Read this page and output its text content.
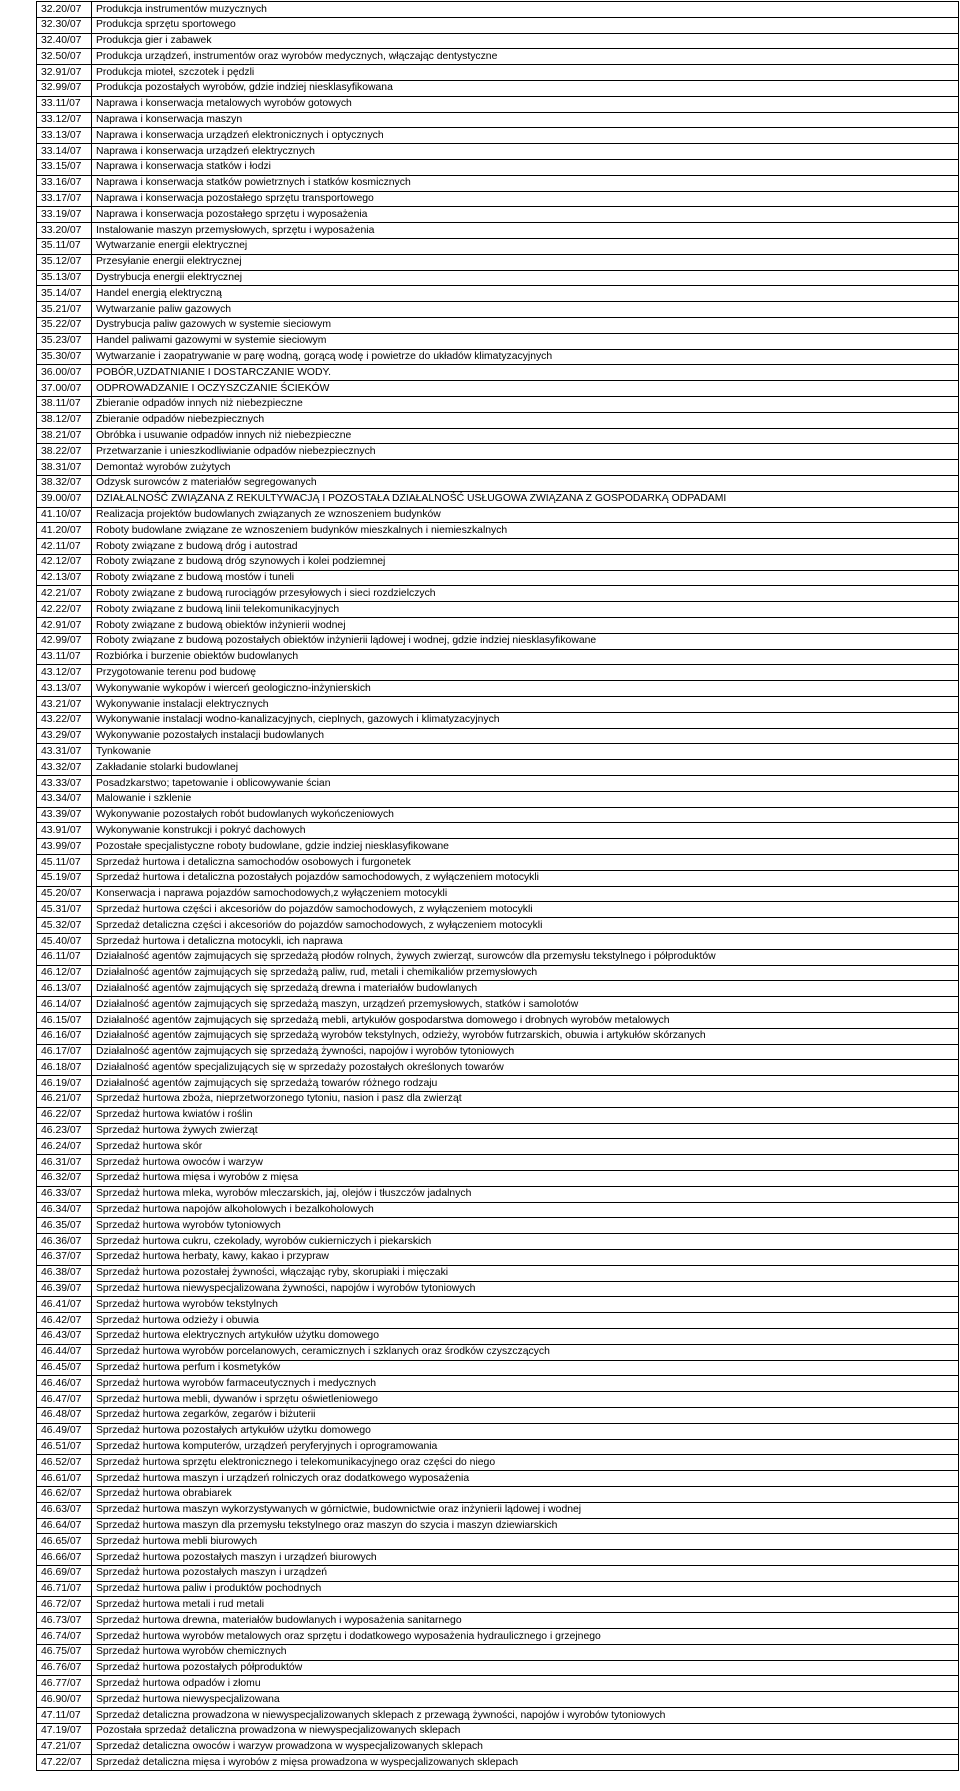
32.20/07	Produkcja instrumentów muzycznych
32.30/07	Produkcja sprzętu sportowego
32.40/07	Produkcja gier i zabawek
32.50/07	Produkcja urządzeń, instrumentów oraz wyrobów medycznych, włączając dentystyczne
32.91/07	Produkcja mioteł, szczotek i pędzli
32.99/07	Produkcja pozostałych wyrobów, gdzie indziej niesklasyfikowana
33.11/07	Naprawa i konserwacja metalowych wyrobów gotowych
33.12/07	Naprawa i konserwacja maszyn
33.13/07	Naprawa i konserwacja urządzeń elektronicznych i optycznych
33.14/07	Naprawa i konserwacja urządzeń elektrycznych
33.15/07	Naprawa i konserwacja statków i łodzi
33.16/07	Naprawa i konserwacja statków powietrznych i statków kosmicznych
33.17/07	Naprawa i konserwacja pozostałego sprzętu transportowego
33.19/07	Naprawa i konserwacja pozostałego sprzętu i wyposażenia
33.20/07	Instalowanie maszyn przemysłowych, sprzętu i wyposażenia
35.11/07	Wytwarzanie energii elektrycznej
35.12/07	Przesyłanie energii elektrycznej
35.13/07	Dystrybucja energii elektrycznej
35.14/07	Handel energią elektryczną
35.21/07	Wytwarzanie paliw gazowych
35.22/07	Dystrybucja paliw gazowych w systemie sieciowym
35.23/07	Handel paliwami gazowymi w systemie sieciowym
35.30/07	Wytwarzanie i zaopatrywanie w parę wodną, gorącą wodę i powietrze do układów klimatyzacyjnych
36.00/07	POBÓR,UZDATNIANIE I DOSTARCZANIE WODY.
37.00/07	ODPROWADZANIE I OCZYSZCZANIE ŚCIEKÓW
38.11/07	Zbieranie odpadów innych niż niebezpieczne
38.12/07	Zbieranie odpadów niebezpiecznych
38.21/07	Obróbka i usuwanie odpadów innych niż niebezpieczne
38.22/07	Przetwarzanie i unieszkodliwianie odpadów niebezpiecznych
38.31/07	Demontaż wyrobów zużytych
38.32/07	Odzysk surowców z materiałów segregowanych
39.00/07	DZIAŁALNOŚĆ ZWIĄZANA Z REKULTYWACJĄ I POZOSTAŁA DZIAŁALNOŚĆ USŁUGOWA ZWIĄZANA Z GOSPODARKĄ ODPADAMI
41.10/07	Realizacja projektów budowlanych związanych ze wznoszeniem budynków
41.20/07	Roboty budowlane związane ze wznoszeniem budynków mieszkalnych i niemieszkalnych
42.11/07	Roboty związane z budową dróg i autostrad
42.12/07	Roboty związane z budową dróg szynowych i kolei podziemnej
42.13/07	Roboty związane z budową mostów i tuneli
42.21/07	Roboty związane z budową rurociągów przesyłowych i sieci rozdzielczych
42.22/07	Roboty związane z budową linii telekomunikacyjnych
42.91/07	Roboty związane z budową obiektów inżynierii wodnej
42.99/07	Roboty związane z budową pozostałych obiektów inżynierii lądowej i wodnej, gdzie indziej niesklasyfikowane
43.11/07	Rozbiórka i burzenie obiektów budowlanych
43.12/07	Przygotowanie terenu pod budowę
43.13/07	Wykonywanie wykopów i wierceń geologiczno-inżynierskich
43.21/07	Wykonywanie instalacji elektrycznych
43.22/07	Wykonywanie instalacji wodno-kanalizacyjnych, cieplnych, gazowych i klimatyzacyjnych
43.29/07	Wykonywanie pozostałych instalacji budowlanych
43.31/07	Tynkowanie
43.32/07	Zakładanie stolarki budowlanej
43.33/07	Posadzkarstwo; tapetowanie i oblicowywanie ścian
43.34/07	Malowanie i szklenie
43.39/07	Wykonywanie pozostałych robót budowlanych wykończeniowych
43.91/07	Wykonywanie konstrukcji i pokryć dachowych
43.99/07	Pozostałe specjalistyczne roboty budowlane, gdzie indziej niesklasyfikowane
45.11/07	Sprzedaż hurtowa i detaliczna samochodów osobowych i furgonetek
45.19/07	Sprzedaż hurtowa i detaliczna pozostałych pojazdów samochodowych, z wyłączeniem motocykli
45.20/07	Konserwacja i naprawa pojazdów samochodowych,z wyłączeniem motocykli
45.31/07	Sprzedaż hurtowa części i akcesoriów do pojazdów samochodowych, z wyłączeniem motocykli
45.32/07	Sprzedaż detaliczna części i akcesoriów do pojazdów samochodowych, z wyłączeniem motocykli
45.40/07	Sprzedaż hurtowa i detaliczna motocykli, ich naprawa
46.11/07	Działalność agentów zajmujących się sprzedażą płodów rolnych, żywych zwierząt, surowców dla przemysłu tekstylnego i półproduktów
46.12/07	Działalność agentów zajmujących się sprzedażą paliw, rud, metali i chemikaliów przemysłowych
46.13/07	Działalność agentów zajmujących się sprzedażą drewna i materiałów budowlanych
46.14/07	Działalność agentów zajmujących się sprzedażą maszyn, urządzeń przemysłowych, statków i samolotów
46.15/07	Działalność agentów zajmujących się sprzedażą mebli, artykułów gospodarstwa domowego i drobnych wyrobów metalowych
46.16/07	Działalność agentów zajmujących się sprzedażą wyrobów tekstylnych, odzieży, wyrobów futrzarskich, obuwia i artykułów skórzanych
46.17/07	Działalność agentów zajmujących się sprzedażą żywności, napojów i wyrobów tytoniowych
46.18/07	Działalność agentów specjalizujących się w sprzedaży pozostałych określonych towarów
46.19/07	Działalność agentów zajmujących się sprzedażą towarów różnego rodzaju
46.21/07	Sprzedaż hurtowa zboża, nieprzetworzonego tytoniu, nasion i pasz dla zwierząt
46.22/07	Sprzedaż hurtowa kwiatów i roślin
46.23/07	Sprzedaż hurtowa żywych zwierząt
46.24/07	Sprzedaż hurtowa skór
46.31/07	Sprzedaż hurtowa owoców i warzyw
46.32/07	Sprzedaż hurtowa mięsa i wyrobów z mięsa
46.33/07	Sprzedaż hurtowa mleka, wyrobów mleczarskich, jaj, olejów i tłuszczów jadalnych
46.34/07	Sprzedaż hurtowa napojów alkoholowych i bezalkoholowych
46.35/07	Sprzedaż hurtowa wyrobów tytoniowych
46.36/07	Sprzedaż hurtowa cukru, czekolady, wyrobów cukierniczych i piekarskich
46.37/07	Sprzedaż hurtowa herbaty, kawy, kakao i przypraw
46.38/07	Sprzedaż hurtowa pozostałej żywności, włączając ryby, skorupiaki i mięczaki
46.39/07	Sprzedaż hurtowa niewyspecjalizowana żywności, napojów i wyrobów tytoniowych
46.41/07	Sprzedaż hurtowa wyrobów tekstylnych
46.42/07	Sprzedaż hurtowa odzieży i obuwia
46.43/07	Sprzedaż hurtowa elektrycznych artykułów użytku domowego
46.44/07	Sprzedaż hurtowa wyrobów porcelanowych, ceramicznych i szklanych oraz środków czyszczących
46.45/07	Sprzedaż hurtowa perfum i kosmetyków
46.46/07	Sprzedaż hurtowa wyrobów farmaceutycznych i medycznych
46.47/07	Sprzedaż hurtowa mebli, dywanów i sprzętu oświetleniowego
46.48/07	Sprzedaż hurtowa zegarków, zegarów i biżuterii
46.49/07	Sprzedaż hurtowa pozostałych artykułów użytku domowego
46.51/07	Sprzedaż hurtowa komputerów, urządzeń peryferyjnych i oprogramowania
46.52/07	Sprzedaż hurtowa sprzętu elektronicznego i telekomunikacyjnego oraz części do niego
46.61/07	Sprzedaż hurtowa maszyn i urządzeń rolniczych oraz dodatkowego wyposażenia
46.62/07	Sprzedaż hurtowa obrabiarek
46.63/07	Sprzedaż hurtowa maszyn wykorzystywanych w górnictwie, budownictwie oraz inżynierii lądowej i wodnej
46.64/07	Sprzedaż hurtowa maszyn dla przemysłu tekstylnego oraz maszyn do szycia i maszyn dziewiarskich
46.65/07	Sprzedaż hurtowa mebli biurowych
46.66/07	Sprzedaż hurtowa pozostałych maszyn i urządzeń biurowych
46.69/07	Sprzedaż hurtowa pozostałych maszyn i urządzeń
46.71/07	Sprzedaż hurtowa paliw i produktów pochodnych
46.72/07	Sprzedaż hurtowa metali i rud metali
46.73/07	Sprzedaż hurtowa drewna, materiałów budowlanych i wyposażenia sanitarnego
46.74/07	Sprzedaż hurtowa wyrobów metalowych oraz sprzętu i dodatkowego wyposażenia hydraulicznego i grzejnego
46.75/07	Sprzedaż hurtowa wyrobów chemicznych
46.76/07	Sprzedaż hurtowa pozostałych półproduktów
46.77/07	Sprzedaż hurtowa odpadów i złomu
46.90/07	Sprzedaż hurtowa niewyspecjalizowana
47.11/07	Sprzedaż detaliczna prowadzona w niewyspecjalizowanych sklepach z przewagą żywności, napojów i wyrobów tytoniowych
47.19/07	Pozostała sprzedaż detaliczna prowadzona w niewyspecjalizowanych sklepach
47.21/07	Sprzedaż detaliczna owoców i warzyw prowadzona w wyspecjalizowanych sklepach
47.22/07	Sprzedaż detaliczna mięsa i wyrobów z mięsa prowadzona w wyspecjalizowanych sklepach
